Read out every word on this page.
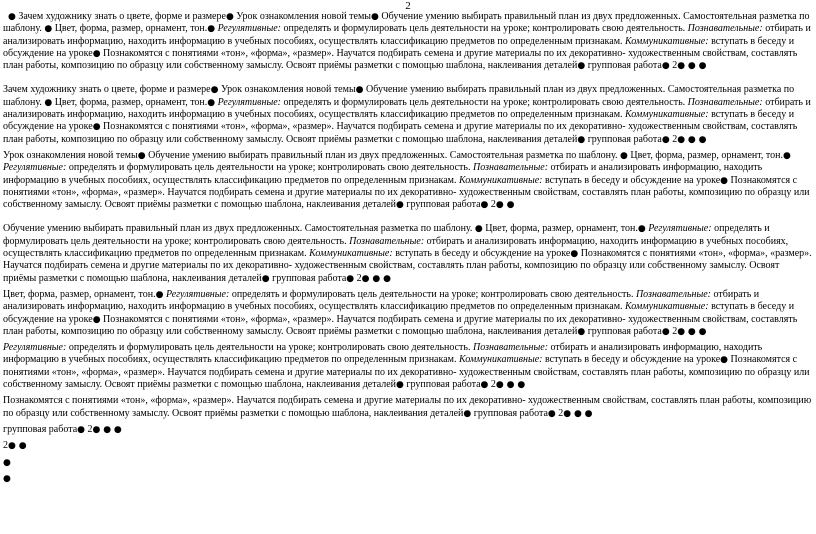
2

● Зачем художнику знать о цвете, форме и размере● Урок ознакомления новой темы● Обучение умению выбирать правильный план из двух предложенных. Самостоятельная разметка по шаблону. ● Цвет, форма, размер, орнамент, тон.● Регулятивные: определять и формулировать цель деятельности на уроке; контролировать свою деятельность. Познавательные: отбирать и анализировать информацию, находить информацию в учебных пособиях, осуществлять классификацию предметов по определенным признакам. Коммуникативные: вступать в беседу и обсуждение на уроке● Познакомятся с понятиями «тон», «форма», «размер». Научатся подбирать семена и другие материалы по их декоративно- художественным свойствам, составлять план работы, композицию по образцу или собственному замыслу. Освоят приёмы разметки с помощью шаблона, наклеивания деталей● групповая работа● 2● ● ●

Зачем художнику знать о цвете, форме и размере● Урок ознакомления новой темы● Обучение умению выбирать правильный план из двух предложенных. Самостоятельная разметка по шаблону. ● Цвет, форма, размер, орнамент, тон.● Регулятивные: определять и формулировать цель деятельности на уроке; контролировать свою деятельность. Познавательные: отбирать и анализировать информацию, находить информацию в учебных пособиях, осуществлять классификацию предметов по определенным признакам. Коммуникативные: вступать в беседу и обсуждение на уроке● Познакомятся с понятиями «тон», «форма», «размер». Научатся подбирать семена и другие материалы по их декоративно- художественным свойствам, составлять план работы, композицию по образцу или собственному замыслу. Освоят приёмы разметки с помощью шаблона, наклеивания деталей● групповая работа● 2● ● ●

Урок ознакомления новой темы● Обучение умению выбирать правильный план из двух предложенных. Самостоятельная разметка по шаблону. ● Цвет, форма, размер, орнамент, тон.● Регулятивные: определять и формулировать цель деятельности на уроке; контролировать свою деятельность. Познавательные: отбирать и анализировать информацию, находить информацию в учебных пособиях, осуществлять классификацию предметов по определенным признакам. Коммуникативные: вступать в беседу и обсуждение на уроке● Познакомятся с понятиями «тон», «форма», «размер». Научатся подбирать семена и другие материалы по их декоративно- художественным свойствам, составлять план работы, композицию по образцу или собственному замыслу. Освоят приёмы разметки с помощью шаблона, наклеивания деталей● групповая работа● 2● ●

Обучение умению выбирать правильный план из двух предложенных. Самостоятельная разметка по шаблону. ● Цвет, форма, размер, орнамент, тон.● Регулятивные: определять и формулировать цель деятельности на уроке; контролировать свою деятельность. Познавательные: отбирать и анализировать информацию, находить информацию в учебных пособиях, осуществлять классификацию предметов по определенным признакам. Коммуникативные: вступать в беседу и обсуждение на уроке● Познакомятся с понятиями «тон», «форма», «размер». Научатся подбирать семена и другие материалы по их декоративно- художественным свойствам, составлять план работы, композицию по образцу или собственному замыслу. Освоят приёмы разметки с помощью шаблона, наклеивания деталей● групповая работа● 2● ● ●

Цвет, форма, размер, орнамент, тон.● Регулятивные: определять и формулировать цель деятельности на уроке; контролировать свою деятельность. Познавательные: отбирать и анализировать информацию, находить информацию в учебных пособиях, осуществлять классификацию предметов по определенным признакам. Коммуникативные: вступать в беседу и обсуждение на уроке● Познакомятся с понятиями «тон», «форма», «размер». Научатся подбирать семена и другие материалы по их декоративно- художественным свойствам, составлять план работы, композицию по образцу или собственному замыслу. Освоят приёмы разметки с помощью шаблона, наклеивания деталей● групповая работа● 2● ● ●

Регулятивные: определять и формулировать цель деятельности на уроке; контролировать свою деятельность. Познавательные: отбирать и анализировать информацию, находить информацию в учебных пособиях, осуществлять классификацию предметов по определенным признакам. Коммуникативные: вступать в беседу и обсуждение на уроке● Познакомятся с понятиями «тон», «форма», «размер». Научатся подбирать семена и другие материалы по их декоративно- художественным свойствам, составлять план работы, композицию по образцу или собственному замыслу. Освоят приёмы разметки с помощью шаблона, наклеивания деталей● групповая работа● 2● ● ●

Познакомятся с понятиями «тон», «форма», «размер». Научатся подбирать семена и другие материалы по их декоративно- художественным свойствам, составлять план работы, композицию по образцу или собственному замыслу. Освоят приёмы разметки с помощью шаблона, наклеивания деталей● групповая работа● 2● ● ●

групповая работа● 2● ● ●

2● ●

●

●
